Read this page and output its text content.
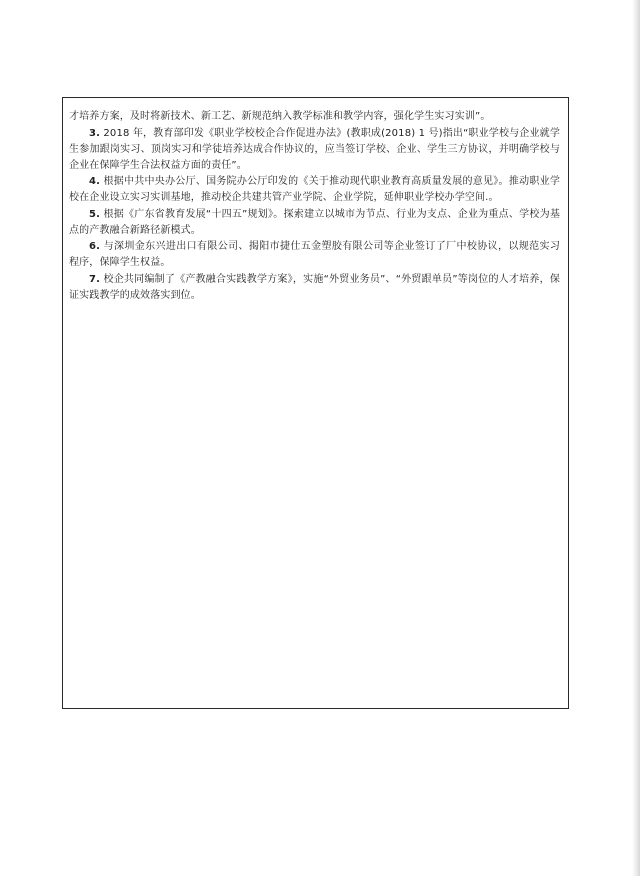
才培养方案，及时将新技术、新工艺、新规范纳入教学标准和教学内容，强化学生实习实训”。

3. 2018 年，教育部印发《职业学校校企合作促进办法》(教职成(2018) 1 号)指出“职业学校与企业就学生参加跟岗实习、顶岗实习和学徒培养达成合作协议的，应当签订学校、企业、学生三方协议，并明确学校与企业在保障学生合法权益方面的责任”。

4. 根据中共中央办公厅、国务院办公厅印发的《关于推动现代职业教育高质量发展的意见》。推动职业学校在企业设立实习实训基地，推动校企共建共管产业学院、企业学院，延伸职业学校办学空间.。

5. 根据《广东省教育发展“十四五”规划》。探索建立以城市为节点、行业为支点、企业为重点、学校为基点的产教融合新路径新模式。

6. 与深圳金东兴进出口有限公司、揭阳市捷仕五金塑胶有限公司等企业签订了厂中校协议，以规范实习程序，保障学生权益。

7. 校企共同编制了《产教融合实践教学方案》，实施“外贸业务员”、“外贸跟单员”等岗位的人才培养，保证实践教学的成效落实到位。
